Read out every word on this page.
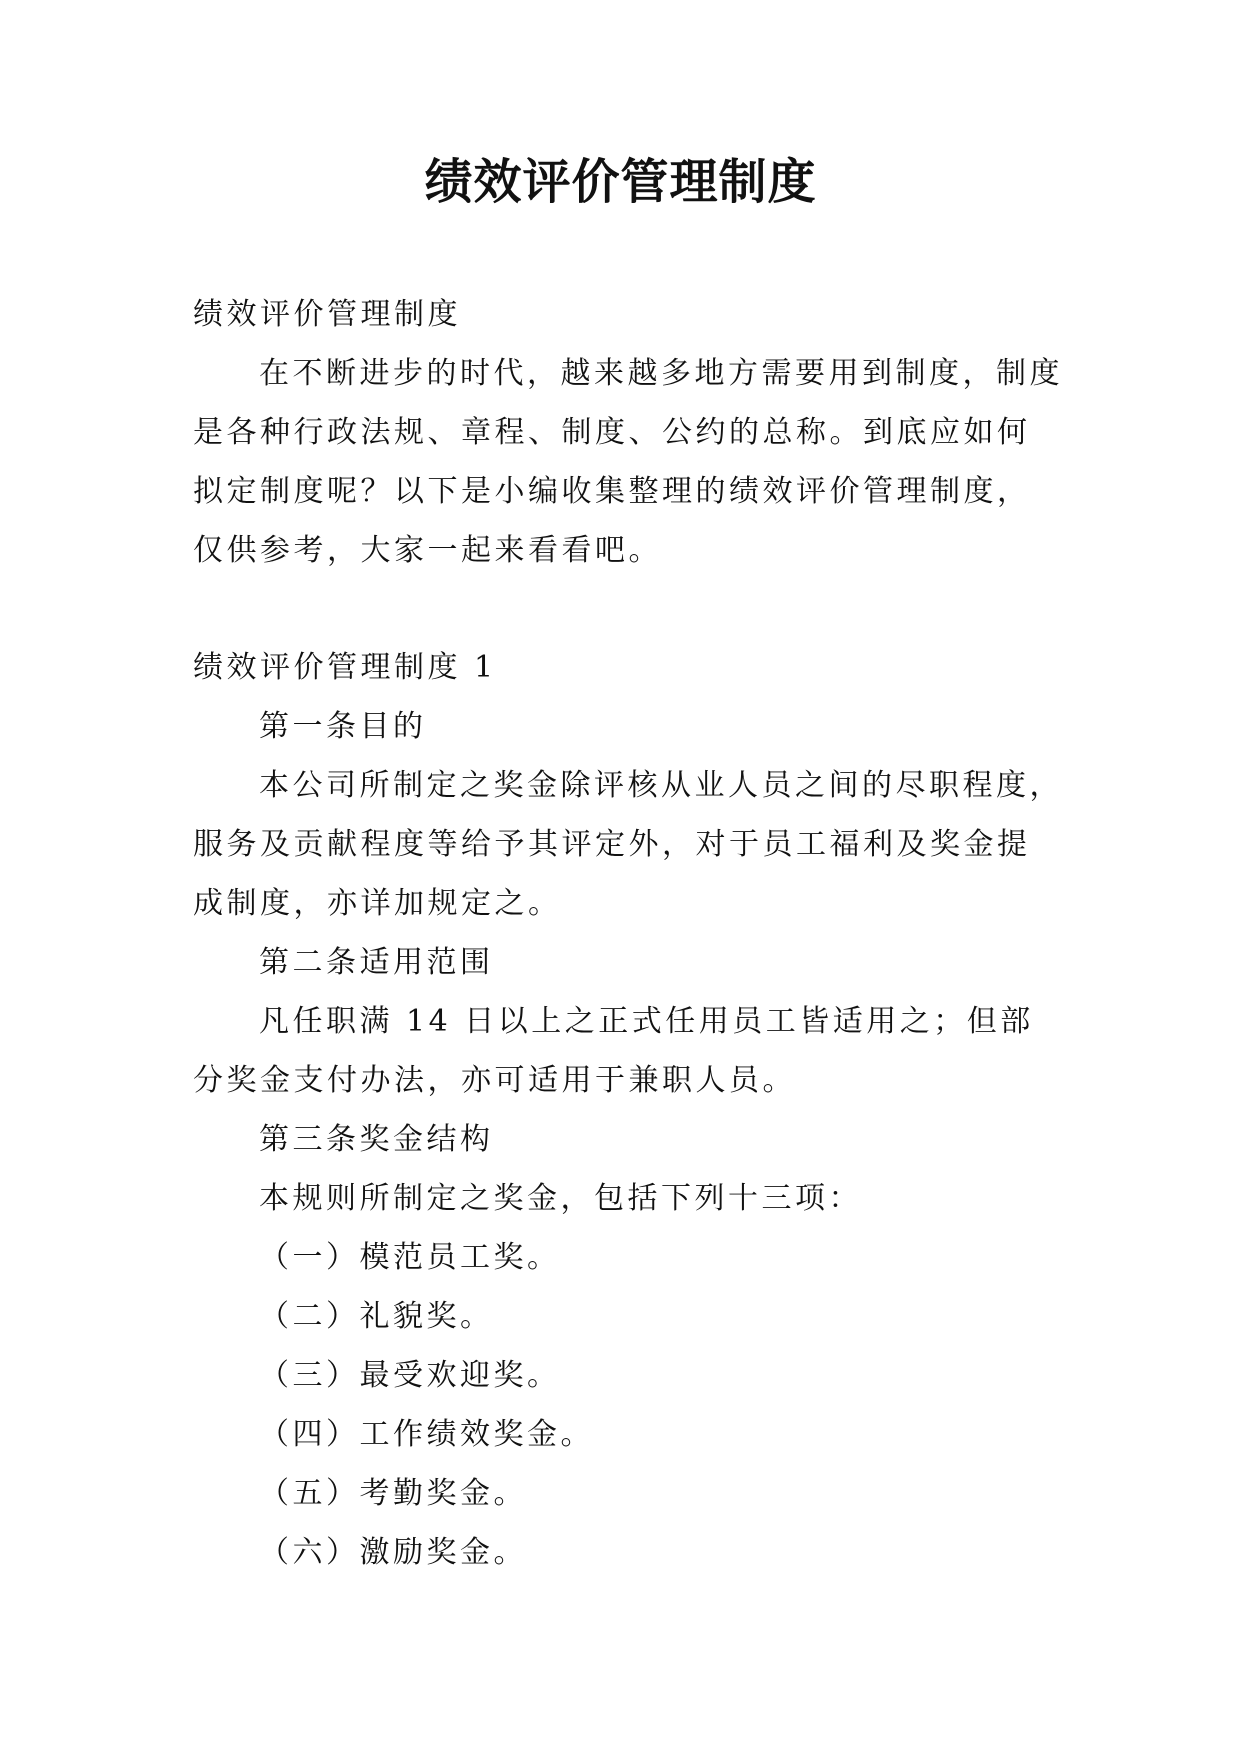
绩效评价管理制度

绩效评价管理制度

在不断进步的时代，越来越多地方需要用到制度，制度是各种行政法规、章程、制度、公约的总称。到底应如何拟定制度呢？以下是小编收集整理的绩效评价管理制度，仅供参考，大家一起来看看吧。

绩效评价管理制度 1

第一条目的

本公司所制定之奖金除评核从业人员之间的尽职程度，服务及贡献程度等给予其评定外，对于员工福利及奖金提成制度，亦详加规定之。

第二条适用范围

凡任职满 14 日以上之正式任用员工皆适用之；但部分奖金支付办法，亦可适用于兼职人员。

第三条奖金结构

本规则所制定之奖金，包括下列十三项：

（一）模范员工奖。

（二）礼貌奖。

（三）最受欢迎奖。

（四）工作绩效奖金。

（五）考勤奖金。

（六）激励奖金。
